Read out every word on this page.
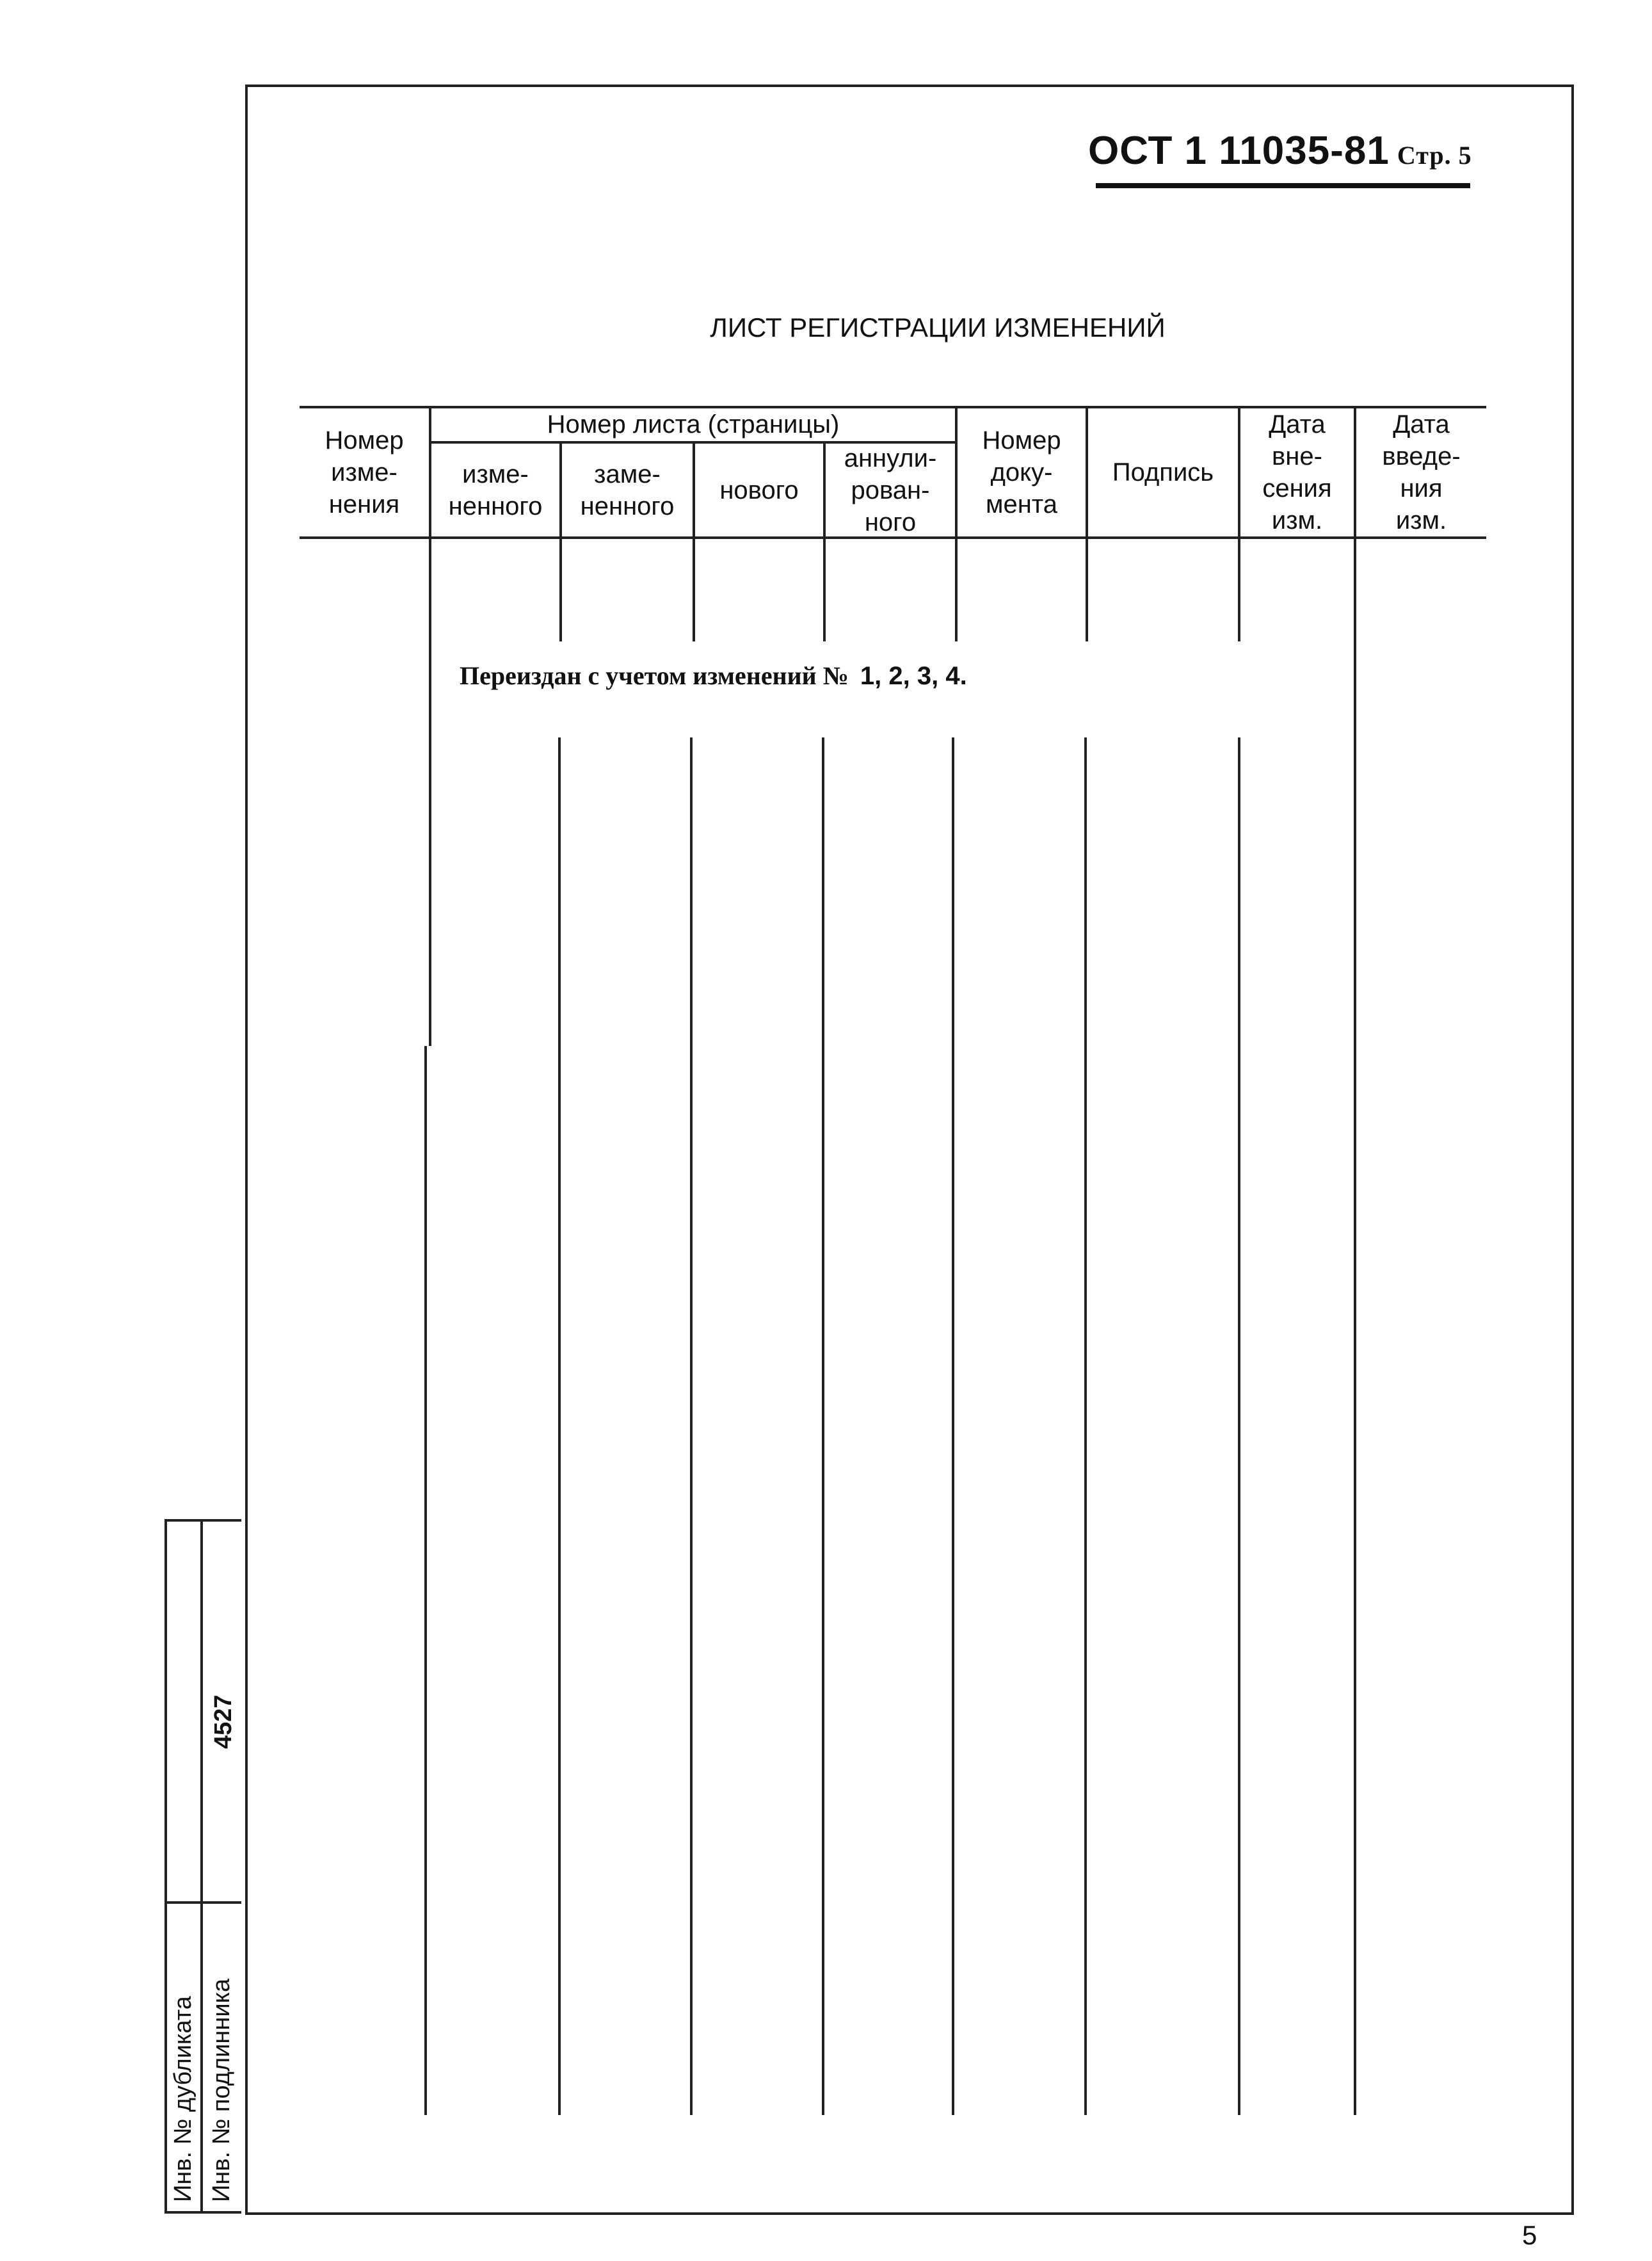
ОСТ 1 11035-81 Стр. 5
ЛИСТ РЕГИСТРАЦИИ ИЗМЕНЕНИЙ
Номер
изме-
нения
Номер листа (страницы)
изме-
ненного
заме-
ненного
нового
аннули-
рован-
ного
Номер
доку-
мента
Подпись
Дата
вне-
сения
изм.
Дата
введе-
ния
изм.
Переиздан с учетом изменений № 1, 2, 3, 4.
Инв. № дубликата Инв. № подлинника
4527
5
